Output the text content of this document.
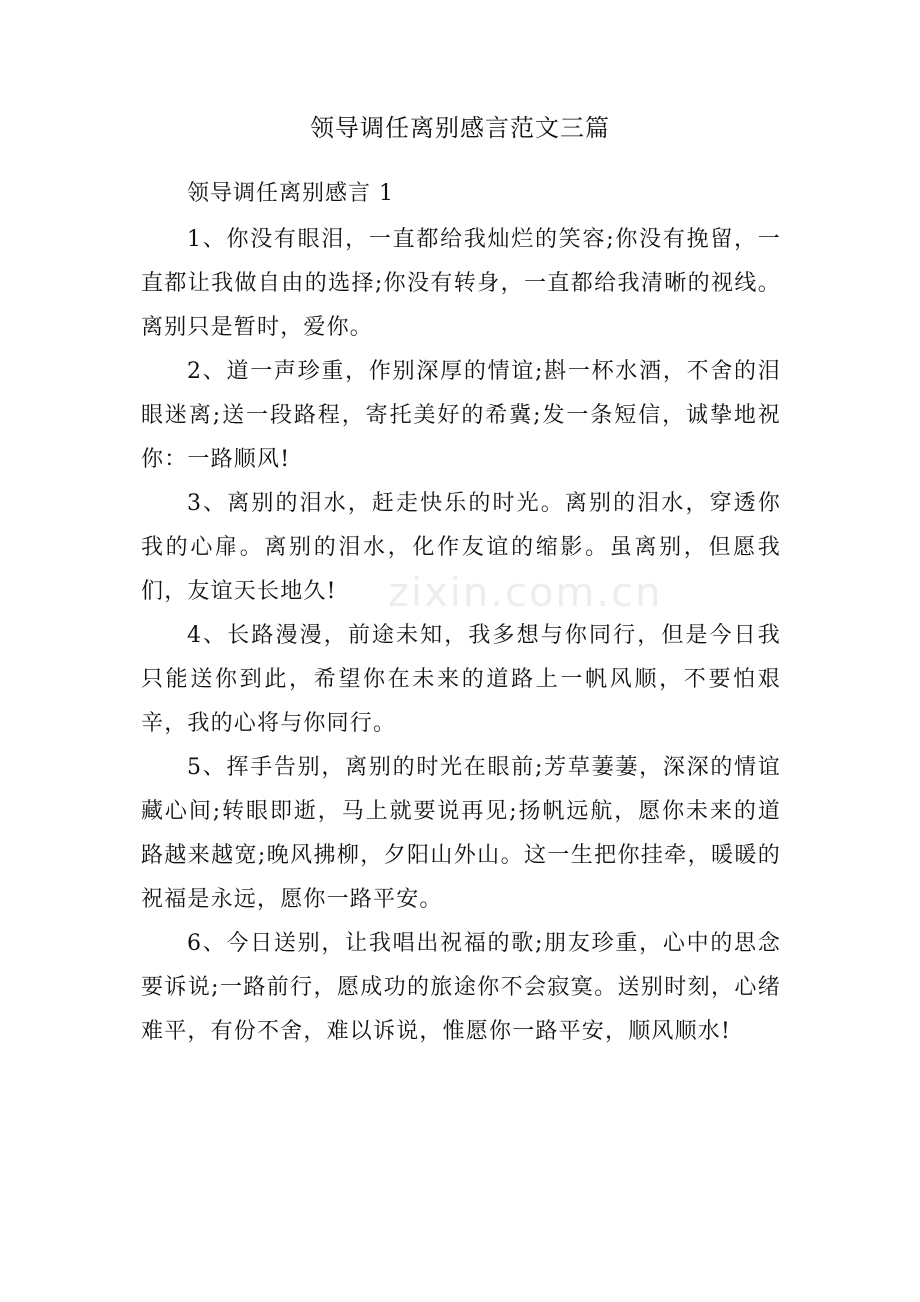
领导调任离别感言范文三篇
领导调任离别感言 1

1、你没有眼泪，一直都给我灿烂的笑容;你没有挽留，一直都让我做自由的选择;你没有转身，一直都给我清晰的视线。离别只是暂时，爱你。

2、道一声珍重，作别深厚的情谊;斟一杯水酒，不舍的泪眼迷离;送一段路程，寄托美好的希冀;发一条短信，诚挚地祝你：一路顺风!

3、离别的泪水，赶走快乐的时光。离别的泪水，穿透你我的心扉。离别的泪水，化作友谊的缩影。虽离别，但愿我们，友谊天长地久!

4、长路漫漫，前途未知，我多想与你同行，但是今日我只能送你到此，希望你在未来的道路上一帆风顺，不要怕艰辛，我的心将与你同行。

5、挥手告别，离别的时光在眼前;芳草萋萋，深深的情谊藏心间;转眼即逝，马上就要说再见;扬帆远航，愿你未来的道路越来越宽;晚风拂柳，夕阳山外山。这一生把你挂牵，暖暖的祝福是永远，愿你一路平安。

6、今日送别，让我唱出祝福的歌;朋友珍重，心中的思念要诉说;一路前行，愿成功的旅途你不会寂寞。送别时刻，心绪难平，有份不舍，难以诉说，惟愿你一路平安，顺风顺水!

zixin.com.cn
